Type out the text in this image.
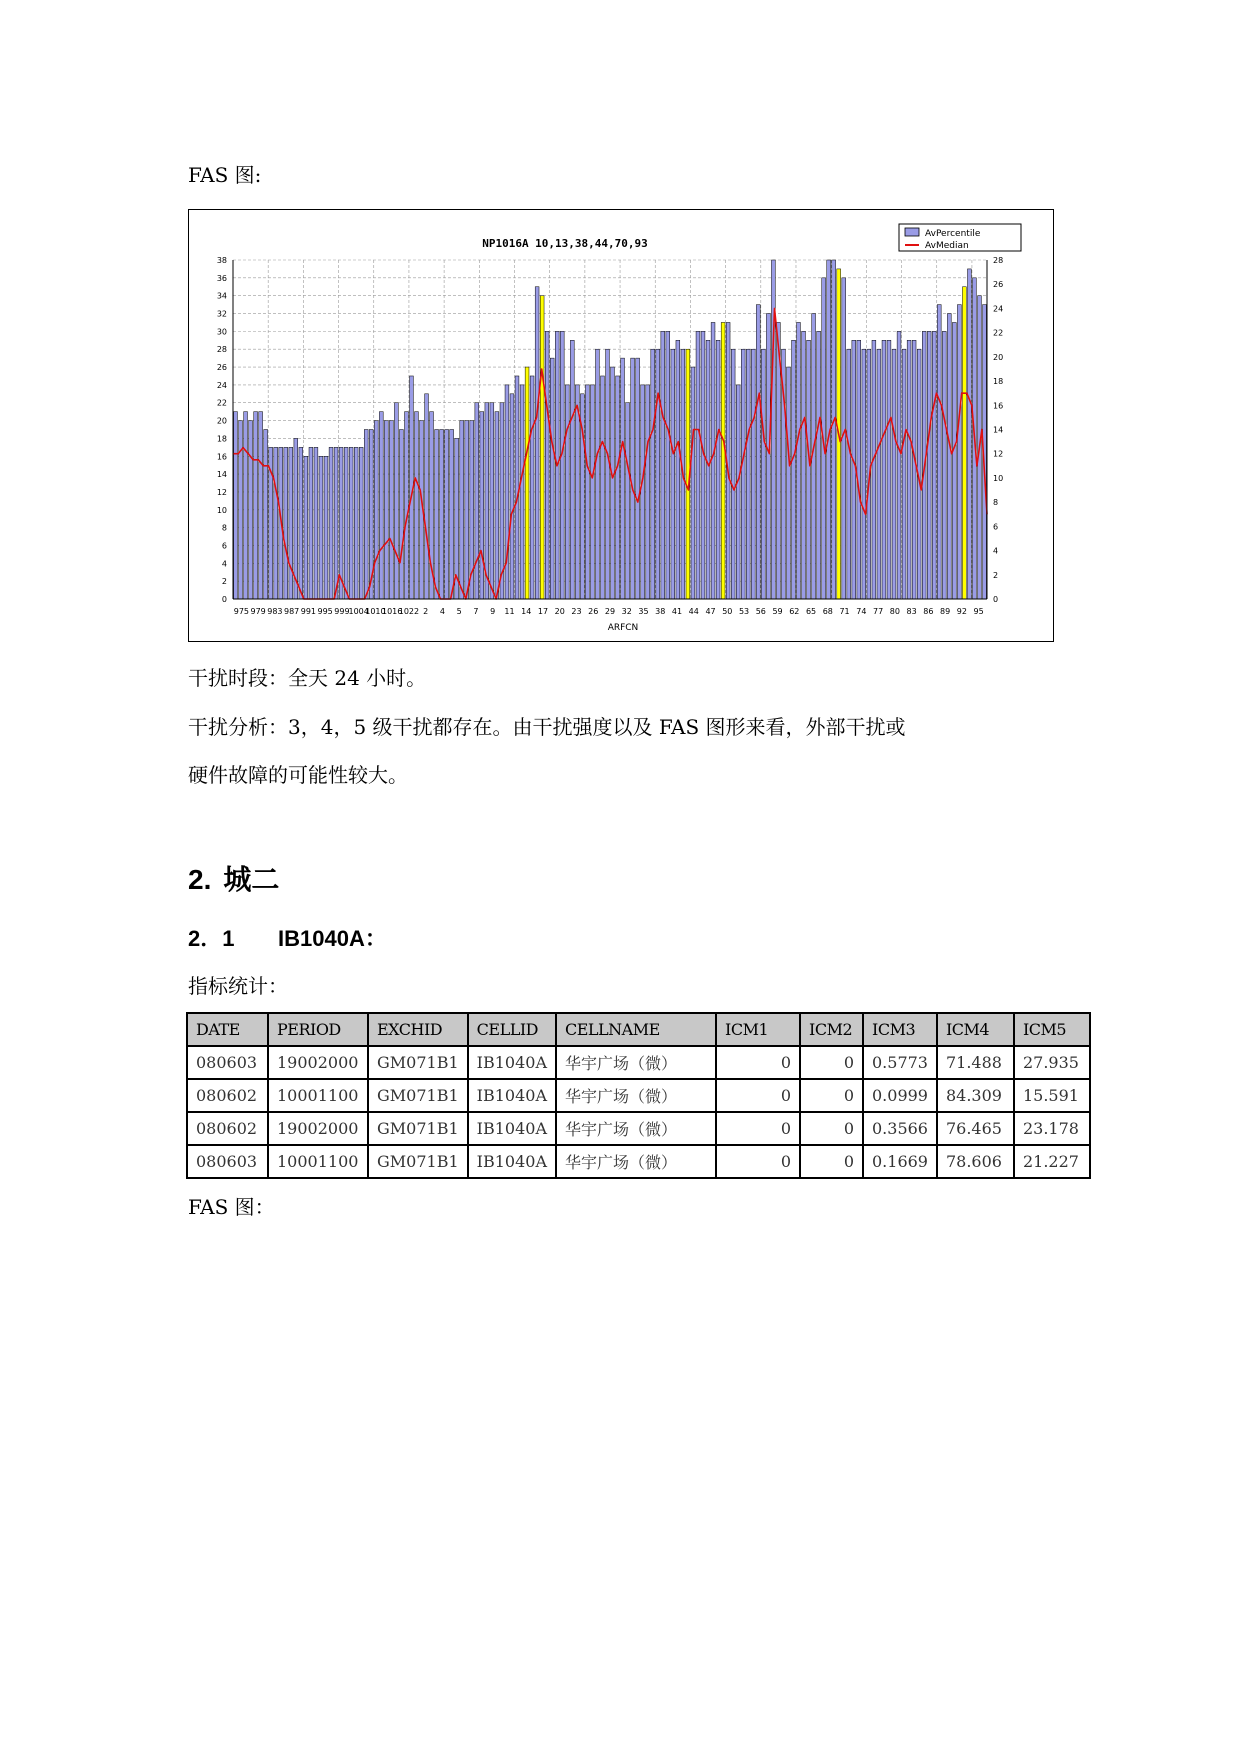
FAS 图:
0
2
4
6
8
10
12
14
16
18
20
22
24
26
28
30
32
34
36
38
0
2
4
6
8
10
12
14
16
18
20
22
24
26
28
975 979 983 987 991 995 999
1004
1010
1016
1022 2 4 5 7 9 11 14 17 20 23 26 29 32 35 38 41 44 47 50 53 56 59 62 65 68 71 74 77 80 83 86 89 92 95
NP1016A 10,13,38,44,70,93
AvPercentile
AvMedian
ARFCN
干扰时段：全天 24 小时。
干扰分析：3，4，5 级干扰都存在。由干扰强度以及 FAS 图形来看，外部干扰或
硬件故障的可能性较大。
2. 城二
2．1 IB1040A：
指标统计：
DATE	PERIOD	EXCHID	CELLID	CELLNAME	ICM1	ICM2	ICM3	ICM4	ICM5
080603	19002000	GM071B1	IB1040A	华宇广场（微）	0	0	0.5773	71.488	27.935
080602	10001100	GM071B1	IB1040A	华宇广场（微）	0	0	0.0999	84.309	15.591
080602	19002000	GM071B1	IB1040A	华宇广场（微）	0	0	0.3566	76.465	23.178
080603	10001100	GM071B1	IB1040A	华宇广场（微）	0	0	0.1669	78.606	21.227
FAS 图：
